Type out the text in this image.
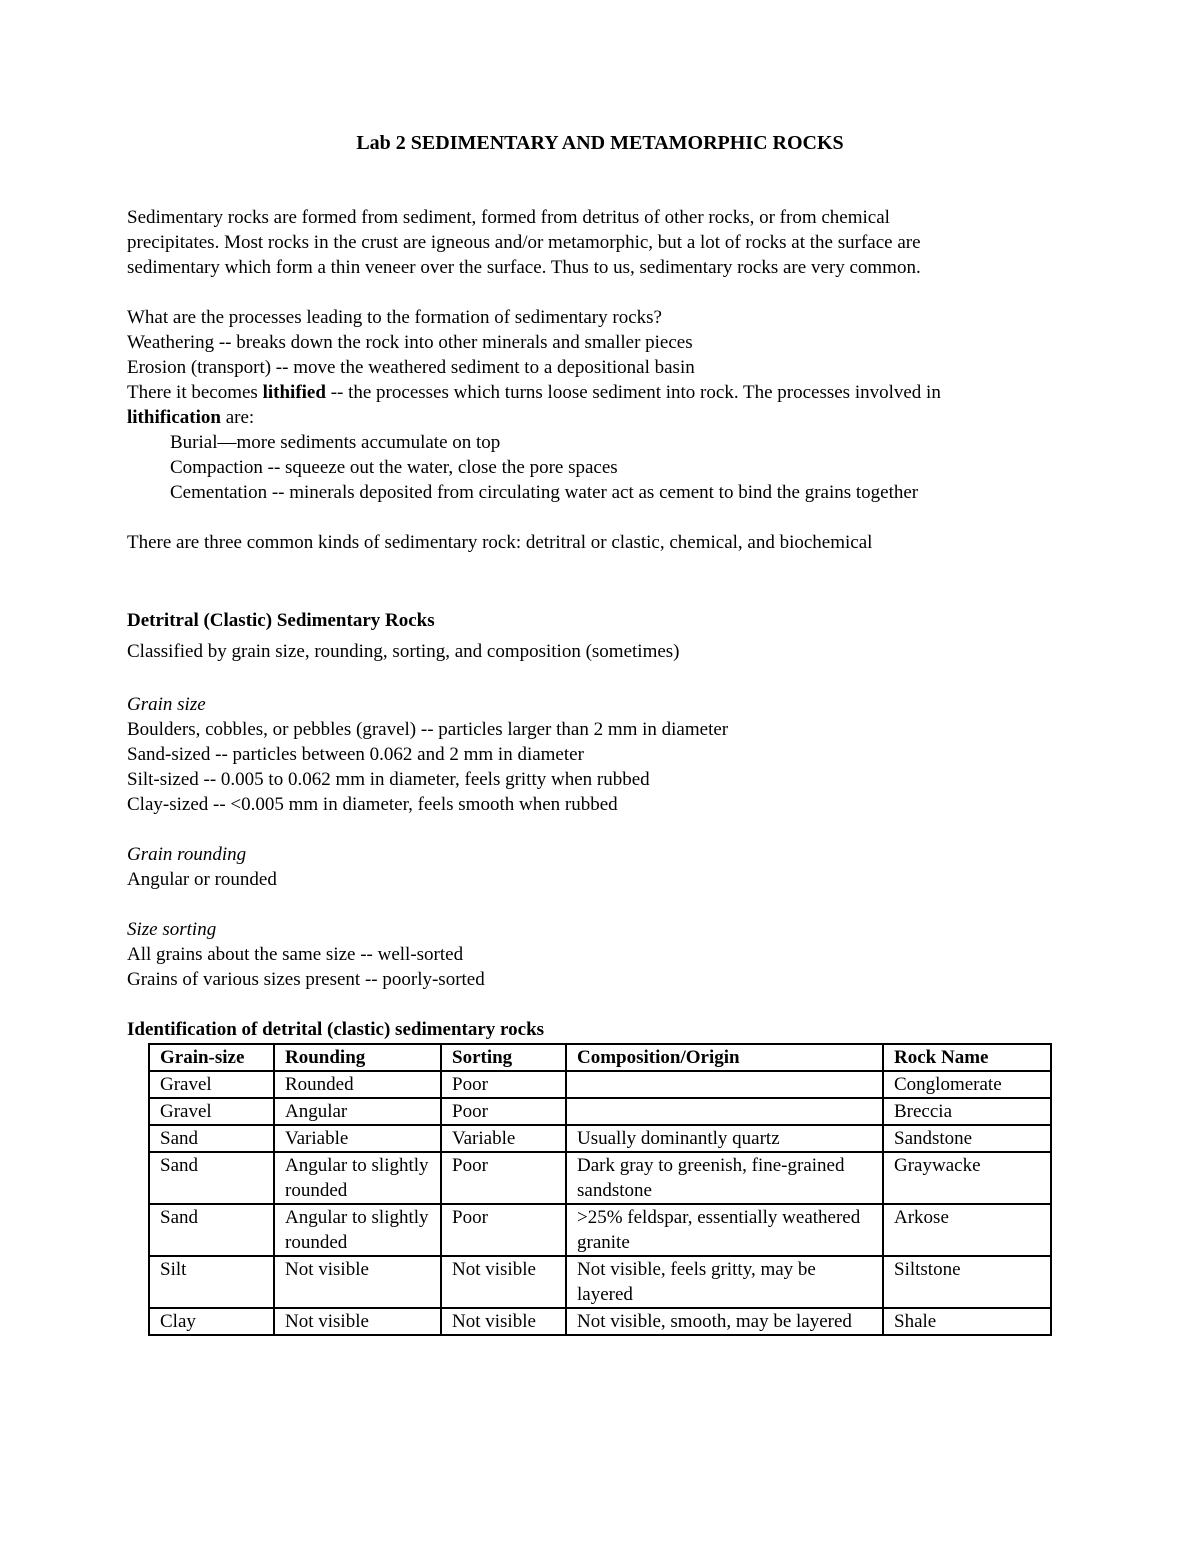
Lab 2 SEDIMENTARY AND METAMORPHIC ROCKS

Sedimentary rocks are formed from sediment, formed from detritus of other rocks, or from chemical

precipitates. Most rocks in the crust are igneous and/or metamorphic, but a lot of rocks at the surface are

sedimentary which form a thin veneer over the surface. Thus to us, sedimentary rocks are very common.

What are the processes leading to the formation of sedimentary rocks?

Weathering -- breaks down the rock into other minerals and smaller pieces

Erosion (transport) -- move the weathered sediment to a depositional basin

There it becomes lithified -- the processes which turns loose sediment into rock. The processes involved in

lithification are:

Burial—more sediments accumulate on top

Compaction -- squeeze out the water, close the pore spaces

Cementation -- minerals deposited from circulating water act as cement to bind the grains together

There are three common kinds of sedimentary rock: detritral or clastic, chemical, and biochemical

Detritral (Clastic) Sedimentary Rocks

Classified by grain size, rounding, sorting, and composition (sometimes)

Grain size

Boulders, cobbles, or pebbles (gravel) -- particles larger than 2 mm in diameter

Sand-sized -- particles between 0.062 and 2 mm in diameter

Silt-sized -- 0.005 to 0.062 mm in diameter, feels gritty when rubbed

Clay-sized -- <0.005 mm in diameter, feels smooth when rubbed

Grain rounding

Angular or rounded

Size sorting

All grains about the same size -- well-sorted

Grains of various sizes present -- poorly-sorted

Identification of detrital (clastic) sedimentary rocks

Grain-size	Rounding	Sorting	Composition/Origin	Rock Name
Gravel	Rounded	Poor		Conglomerate
Gravel	Angular	Poor		Breccia
Sand	Variable	Variable	Usually dominantly quartz	Sandstone
Sand	Angular to slightly rounded	Poor	Dark gray to greenish, fine-grained sandstone	Graywacke
Sand	Angular to slightly rounded	Poor	>25% feldspar, essentially weathered granite	Arkose
Silt	Not visible	Not visible	Not visible, feels gritty, may be layered	Siltstone
Clay	Not visible	Not visible	Not visible, smooth, may be layered	Shale
